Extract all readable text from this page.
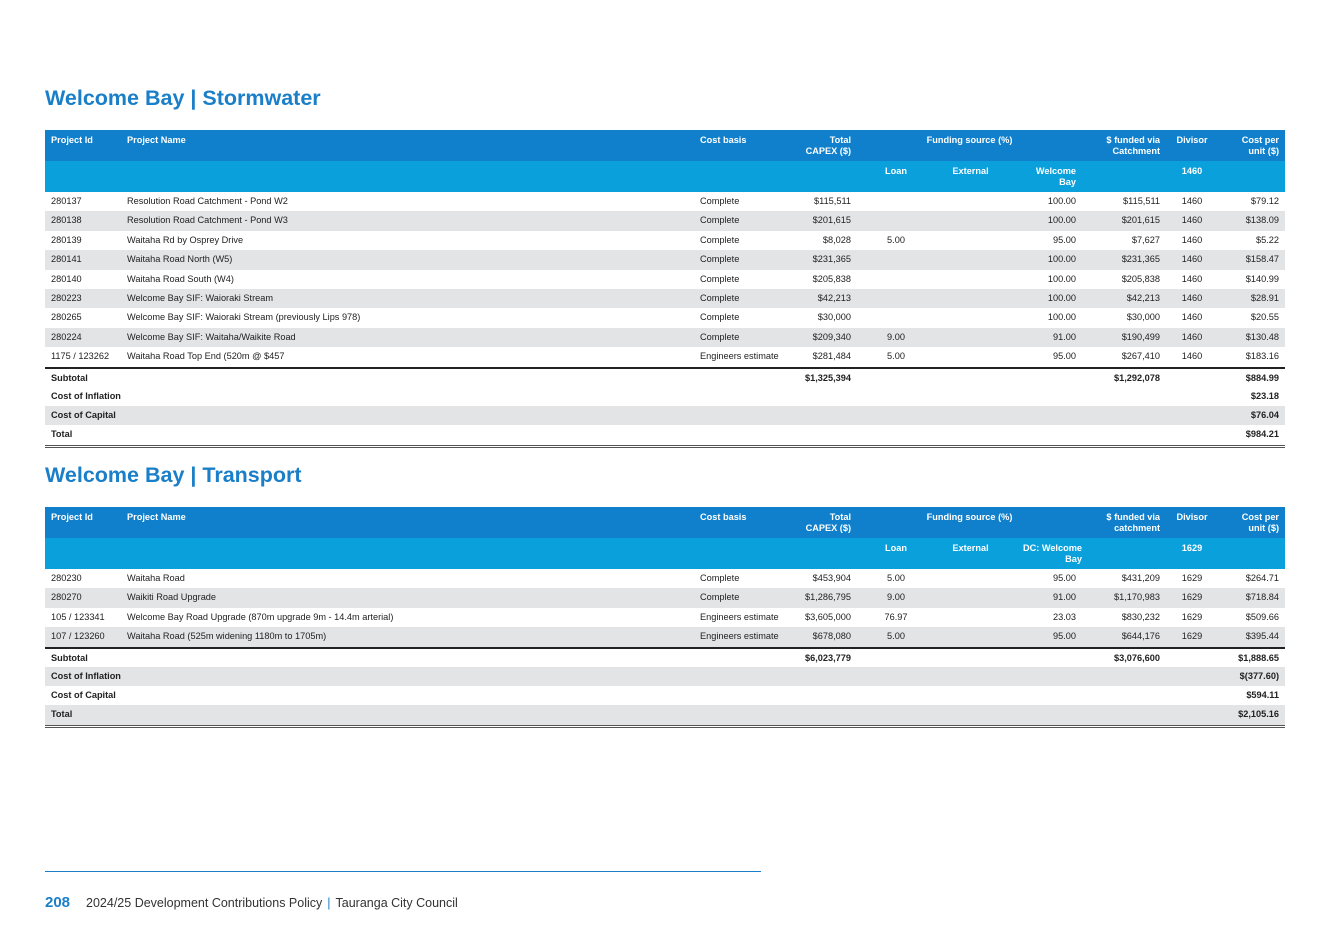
Welcome Bay | Stormwater
Project Id	Project Name	Cost basis	Total CAPEX ($)	Funding source (%)			$ funded via Catchment	Divisor	Cost per unit ($)
				Loan	External	Welcome Bay		1460	
280137	Resolution Road Catchment - Pond W2	Complete	$115,511			100.00	$115,511	1460	$79.12
280138	Resolution Road Catchment - Pond W3	Complete	$201,615			100.00	$201,615	1460	$138.09
280139	Waitaha Rd by Osprey Drive	Complete	$8,028	5.00		95.00	$7,627	1460	$5.22
280141	Waitaha Road North (W5)	Complete	$231,365			100.00	$231,365	1460	$158.47
280140	Waitaha Road South (W4)	Complete	$205,838			100.00	$205,838	1460	$140.99
280223	Welcome Bay SIF: Waioraki Stream	Complete	$42,213			100.00	$42,213	1460	$28.91
280265	Welcome Bay SIF: Waioraki Stream (previously Lips 978)	Complete	$30,000			100.00	$30,000	1460	$20.55
280224	Welcome Bay SIF: Waitaha/Waikite Road	Complete	$209,340	9.00		91.00	$190,499	1460	$130.48
1175 / 123262	Waitaha Road Top End (520m @ $457	Engineers estimate	$281,484	5.00		95.00	$267,410	1460	$183.16
Subtotal			$1,325,394				$1,292,078		$884.99
Cost of Inflation									$23.18
Cost of Capital									$76.04
Total									$984.21
Welcome Bay | Transport
Project Id	Project Name	Cost basis	Total CAPEX ($)	Funding source (%)			$ funded via catchment	Divisor	Cost per unit ($)
				Loan	External	DC: Welcome Bay		1629	
280230	Waitaha Road	Complete	$453,904	5.00		95.00	$431,209	1629	$264.71
280270	Waikiti Road Upgrade	Complete	$1,286,795	9.00		91.00	$1,170,983	1629	$718.84
105 / 123341	Welcome Bay Road Upgrade (870m upgrade 9m - 14.4m arterial)	Engineers estimate	$3,605,000	76.97		23.03	$830,232	1629	$509.66
107 / 123260	Waitaha Road (525m widening 1180m to 1705m)	Engineers estimate	$678,080	5.00		95.00	$644,176	1629	$395.44
Subtotal			$6,023,779				$3,076,600		$1,888.65
Cost of Inflation									$(377.60)
Cost of Capital									$594.11
Total									$2,105.16
208 2024/25 Development Contributions Policy | Tauranga City Council
